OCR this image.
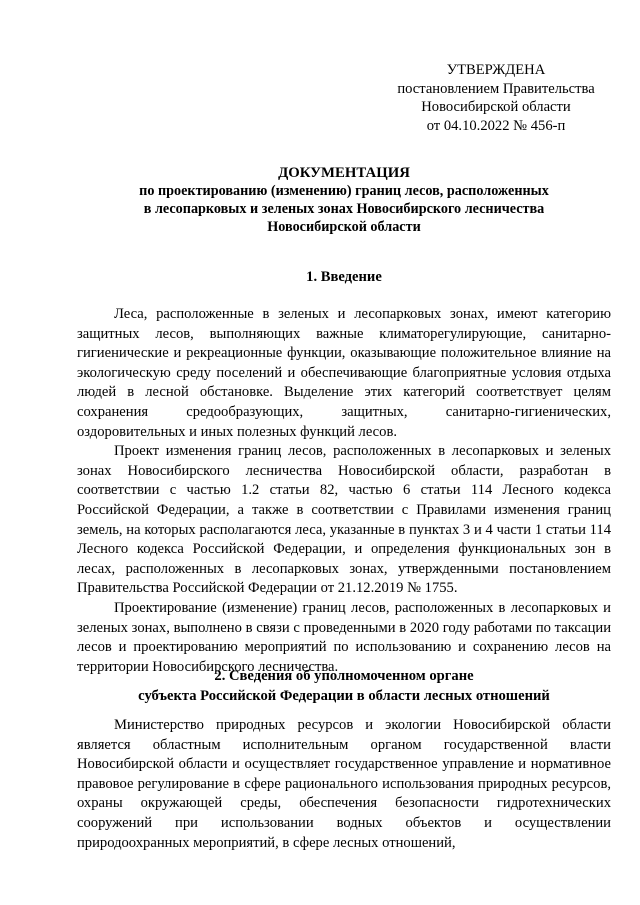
УТВЕРЖДЕНА
постановлением Правительства
Новосибирской области
от 04.10.2022 № 456-п
ДОКУМЕНТАЦИЯ
по проектированию (изменению) границ лесов, расположенных
в лесопарковых и зеленых зонах Новосибирского лесничества
Новосибирской области
1. Введение

Леса, расположенные в зеленых и лесопарковых зонах, имеют категорию защитных лесов, выполняющих важные климаторегулирующие, санитарно-гигиенические и рекреационные функции, оказывающие положительное влияние на экологическую среду поселений и обеспечивающие благоприятные условия отдыха людей в лесной обстановке. Выделение этих категорий соответствует целям сохранения средообразующих, защитных, санитарно-гигиенических, оздоровительных и иных полезных функций лесов.

Проект изменения границ лесов, расположенных в лесопарковых и зеленых зонах Новосибирского лесничества Новосибирской области, разработан в соответствии с частью 1.2 статьи 82, частью 6 статьи 114 Лесного кодекса Российской Федерации, а также в соответствии с Правилами изменения границ земель, на которых располагаются леса, указанные в пунктах 3 и 4 части 1 статьи 114 Лесного кодекса Российской Федерации, и определения функциональных зон в лесах, расположенных в лесопарковых зонах, утвержденными постановлением Правительства Российской Федерации от 21.12.2019 № 1755.

Проектирование (изменение) границ лесов, расположенных в лесопарковых и зеленых зонах, выполнено в связи с проведенными в 2020 году работами по таксации лесов и проектированию мероприятий по использованию и сохранению лесов на территории Новосибирского лесничества.

2. Сведения об уполномоченном органе
субъекта Российской Федерации в области лесных отношений

Министерство природных ресурсов и экологии Новосибирской области является областным исполнительным органом государственной власти Новосибирской области и осуществляет государственное управление и нормативное правовое регулирование в сфере рационального использования природных ресурсов, охраны окружающей среды, обеспечения безопасности гидротехнических сооружений при использовании водных объектов и осуществлении природоохранных мероприятий, в сфере лесных отношений,
